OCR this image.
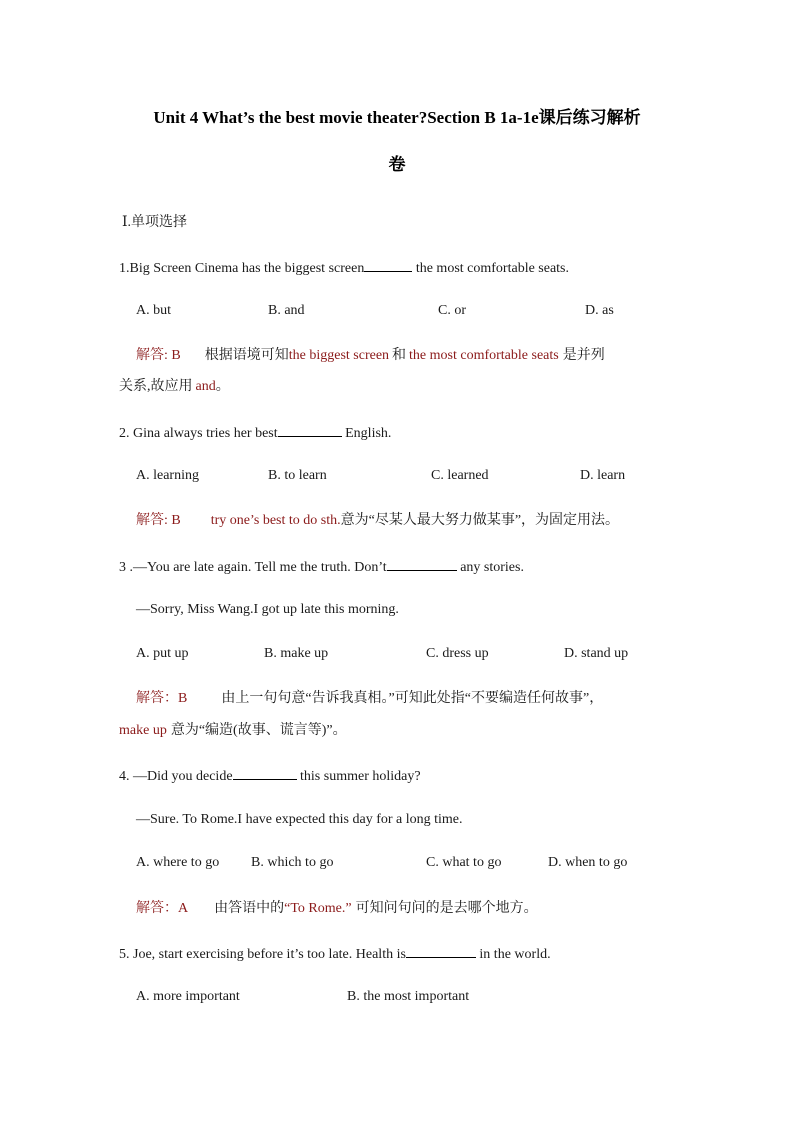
Unit 4 What’s the best movie theater?Section B 1a-1e课后练习解析
卷
Ⅰ.单项选择
1.Big Screen Cinema has the biggest screen	the most comfortable seats.
A. but	B. and	C. or	D. as
解答: B 根据语境可知the biggest screen 和 the most comfortable seats 是并列
关系,故应用 and。
2. Gina always tries her best	English.
A. learning	B. to learn	C. learned	D. learn
解答: B try one’s best to do sth.意为“尽某人最大努力做某事”，为固定用法。
3 .—You are late again. Tell me the truth. Don’t	any stories.
—Sorry, Miss Wang.I got up late this morning.
A. put up	B. make up	C. dress up	D. stand up
解答：B 由上一句句意“告诉我真相。”可知此处指“不要编造任何故事”，
make up 意为“编造(故事、谎言等)”。
4. —Did you decide	this summer holiday?
—Sure. To Rome.I have expected this day for a long time.
A. where to go B. which to go	C. what to go	D. when to go
解答：A 由答语中的“To Rome.” 可知问句问的是去哪个地方。
5. Joe, start exercising before it’s too late. Health is	in the world.
A. more important	B. the most important
